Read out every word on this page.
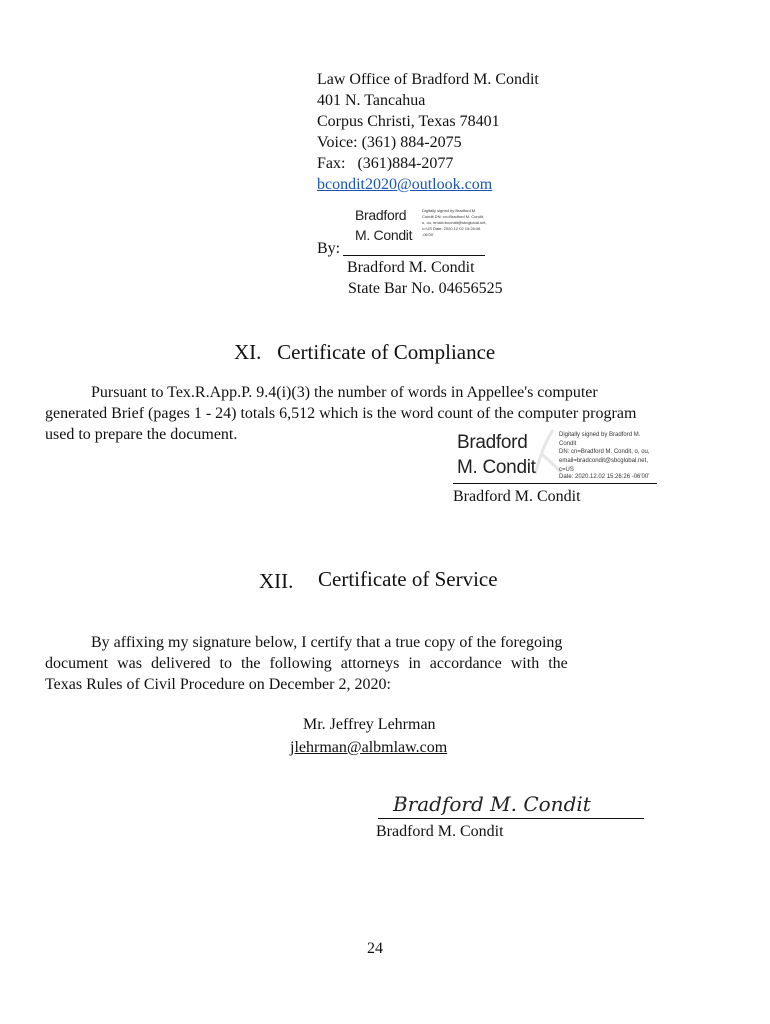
Law Office of Bradford M. Condit
401 N. Tancahua
Corpus Christi, Texas 78401
Voice: (361) 884-2075
Fax:   (361)884-2077
bcondit2020@outlook.com
By:
Bradford
M. Condit
Digitally signed by Bradford M. Condit DN: cn=Bradford M. Condit, o, ou, email=bcondit@sbcglobal.net, c=US Date: 2020.12.02 15:26:08 -06'00'
Bradford M. Condit
State Bar No. 04656525
XI.   Certificate of Compliance
Pursuant to Tex.R.App.P. 9.4(i)(3) the number of words in Appellee's computer
generated Brief (pages 1 - 24) totals 6,512 which is the word count of the computer program
used to prepare the document.	Bradford
M. Condit
Digitally signed by Bradford M. Condit
DN: cn=Bradford M. Condit, o, ou, email=bradcondit@sbcglobal.net, c=US
Date: 2020.12.02 15:26:26 -06'00'
Bradford M. Condit
XII. Certificate of Service
By affixing my signature below, I certify that a true copy of the foregoing
document was delivered to the following attorneys in accordance with the
Texas Rules of Civil Procedure on December 2, 2020:
Mr. Jeffrey Lehrman
jlehrman@albmlaw.com
Bradford M. Condit
Bradford M. Condit
24
